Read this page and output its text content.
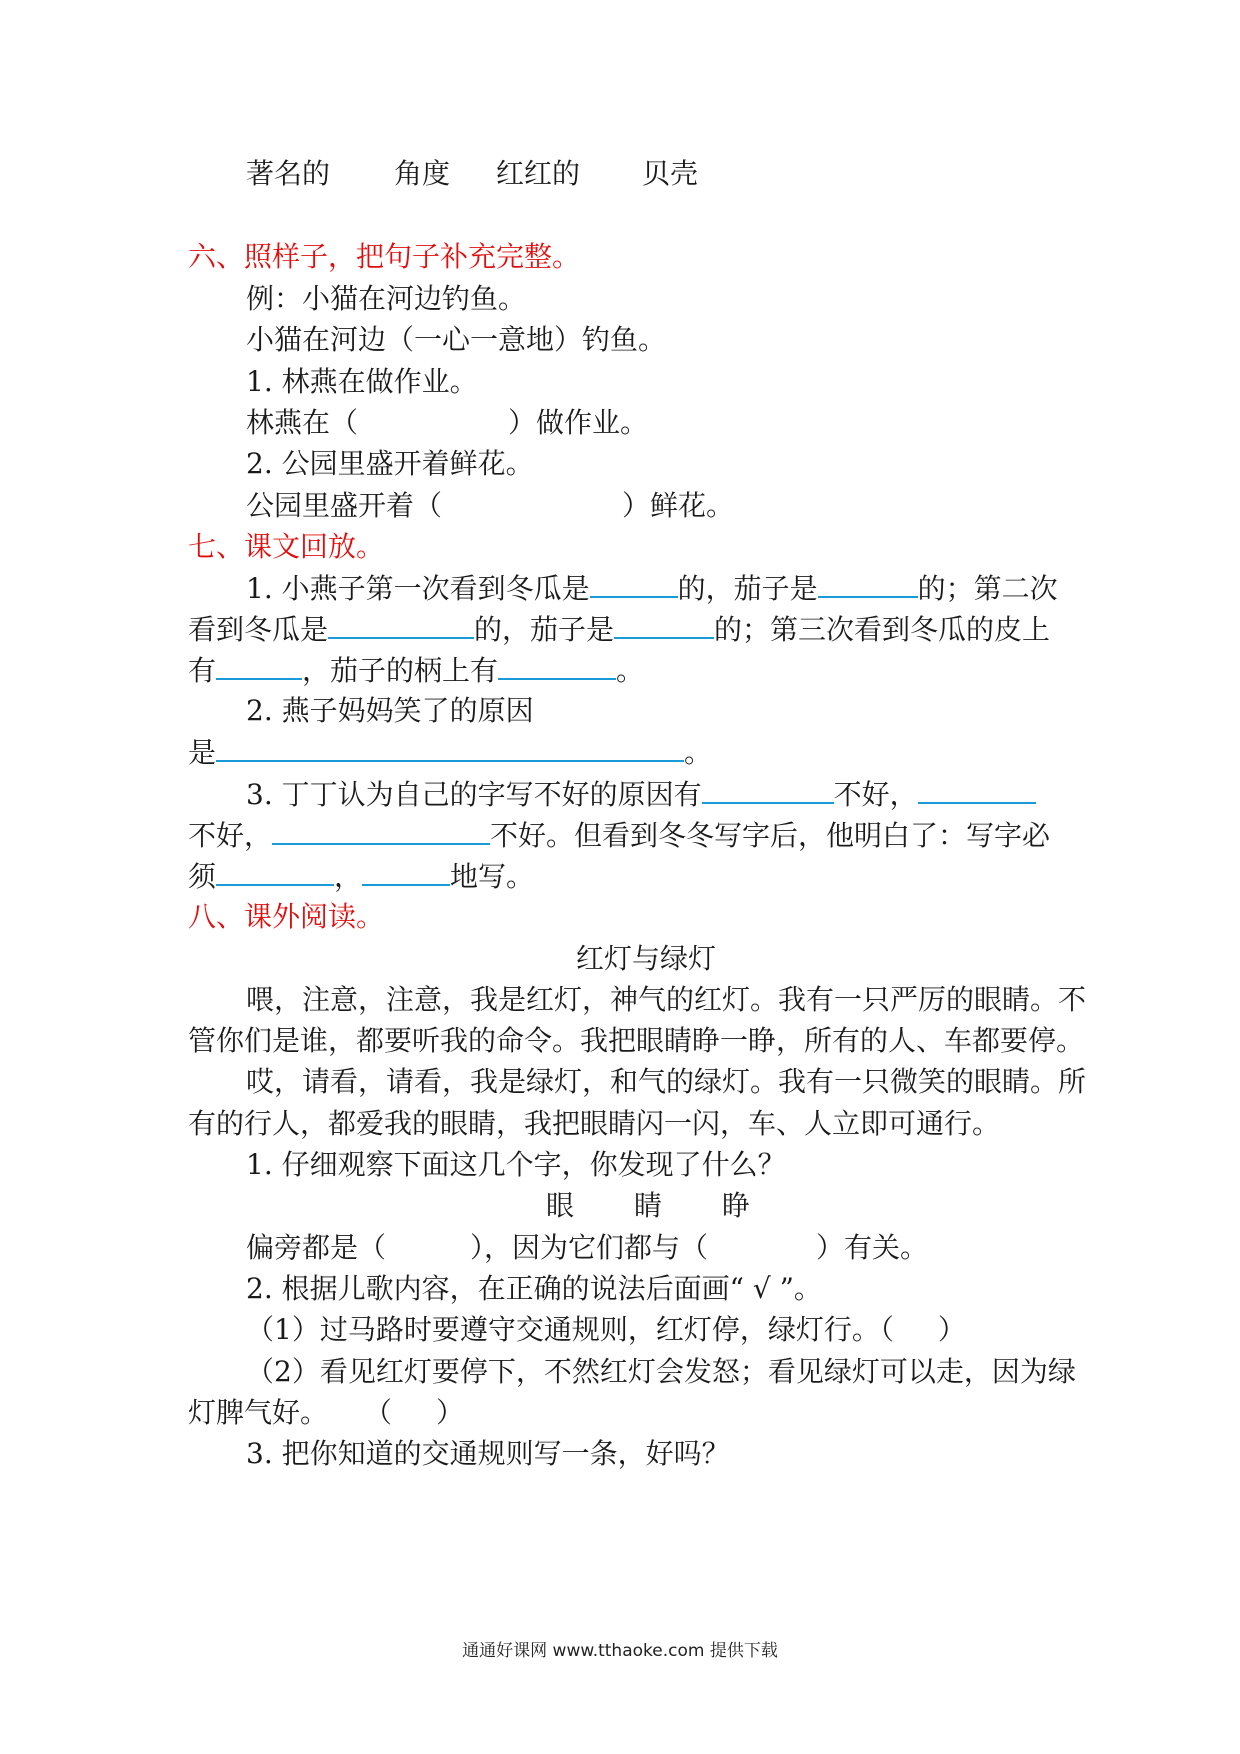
著名的 角度 红红的 贝壳
六、照样子，把句子补充完整。
例：小猫在河边钓鱼。
小猫在河边（一心一意地）钓鱼。
1. 林燕在做作业。
林燕在（	）做作业。
2. 公园里盛开着鲜花。
公园里盛开着（	）鲜花。
七、课文回放。
1. 小燕子第一次看到冬瓜是	的，茄子是	的；第二次
看到冬瓜是	的，茄子是	的；第三次看到冬瓜的皮上
有	，茄子的柄上有	。
2. 燕子妈妈笑了的原因
是	。
3. 丁丁认为自己的字写不好的原因有	不好，
不好，	不好。但看到冬冬写字后，他明白了：写字必
须	，	地写。
八、课外阅读。
红灯与绿灯
喂，注意，注意，我是红灯，神气的红灯。我有一只严厉的眼睛。不
管你们是谁，都要听我的命令。我把眼睛睁一睁，所有的人、车都要停。
哎，请看，请看，我是绿灯，和气的绿灯。我有一只微笑的眼睛。所
有的行人，都爱我的眼睛，我把眼睛闪一闪，车、人立即可通行。
1. 仔细观察下面这几个字，你发现了什么？
眼 睛 睁
偏旁都是（	），因为它们都与（	）有关。
2. 根据儿歌内容，在正确的说法后面画“ √ ”。
（1）过马路时要遵守交通规则，红灯停，绿灯行。（ ）
（2）看见红灯要停下，不然红灯会发怒；看见绿灯可以走，因为绿
灯脾气好。 （ ）
3. 把你知道的交通规则写一条，好吗？
通通好课网 www.tthaoke.com 提供下载
